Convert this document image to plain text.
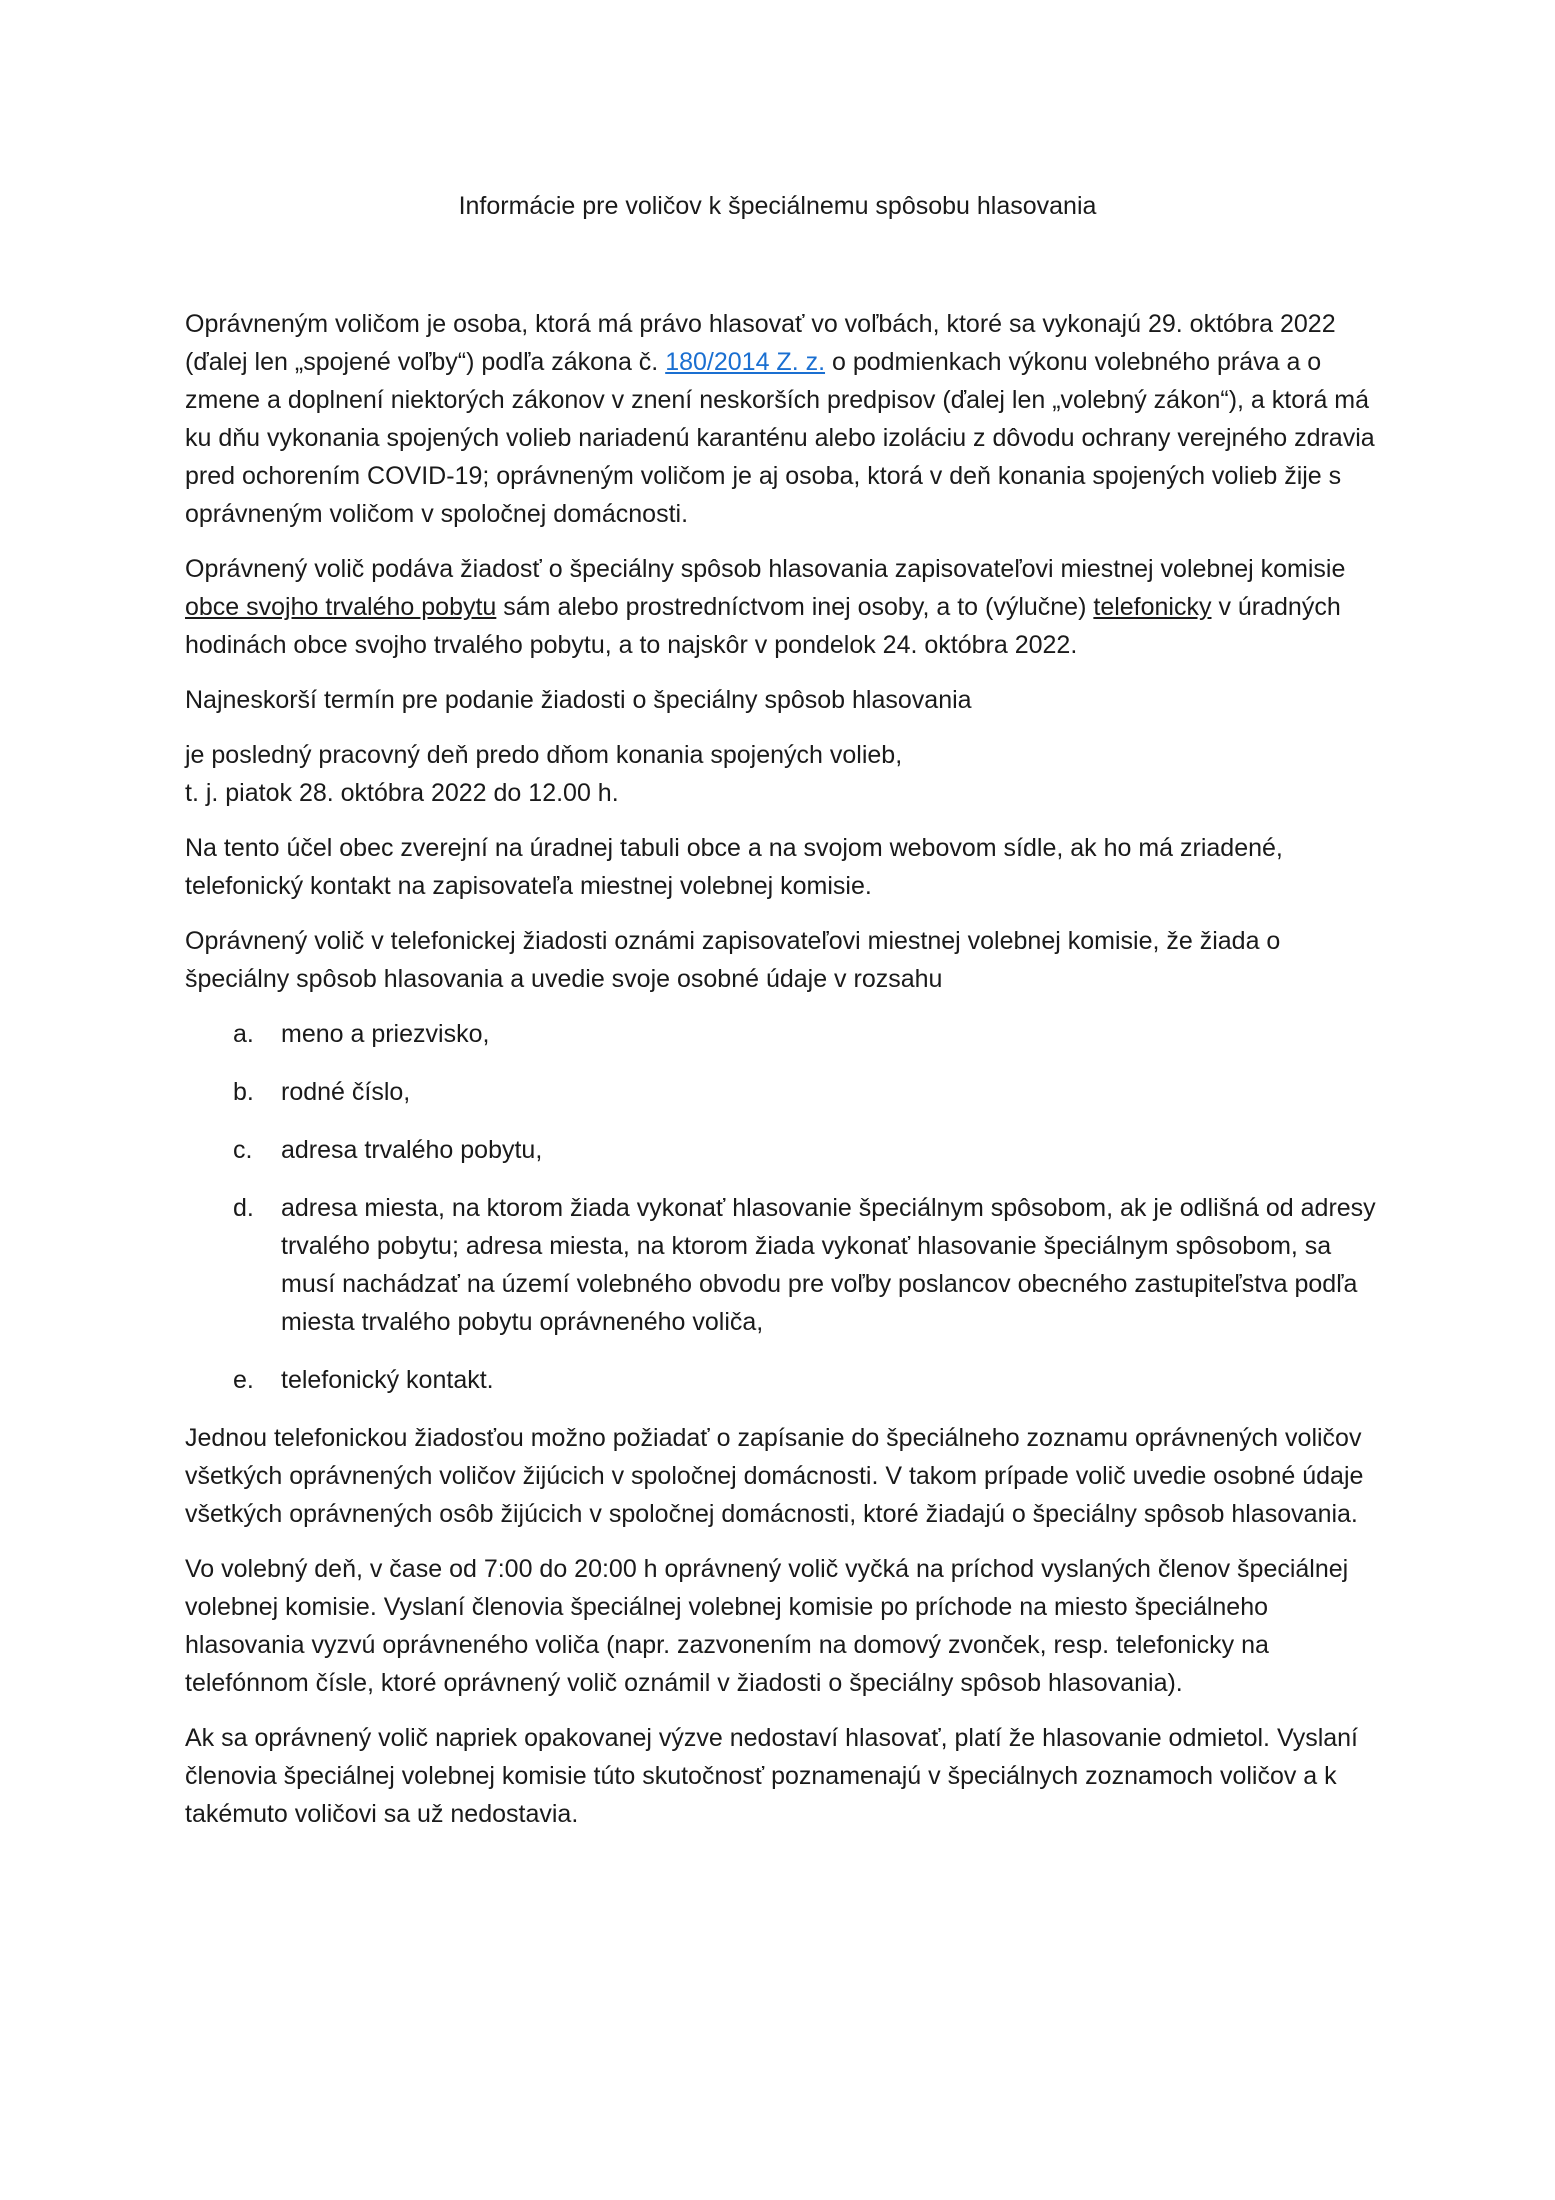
Informácie pre voličov k špeciálnemu spôsobu hlasovania

Oprávneným voličom je osoba, ktorá má právo hlasovať vo voľbách, ktoré sa vykonajú 29. októbra 2022 (ďalej len „spojené voľby“) podľa zákona č. 180/2014 Z. z. o podmienkach výkonu volebného práva a o zmene a doplnení niektorých zákonov v znení neskorších predpisov (ďalej len „volebný zákon“), a ktorá má ku dňu vykonania spojených volieb nariadenú karanténu alebo izoláciu z dôvodu ochrany verejného zdravia pred ochorením COVID-19; oprávneným voličom je aj osoba, ktorá v deň konania spojených volieb žije s oprávneným voličom v spoločnej domácnosti.

Oprávnený volič podáva žiadosť o špeciálny spôsob hlasovania zapisovateľovi miestnej volebnej komisie obce svojho trvalého pobytu sám alebo prostredníctvom inej osoby, a to (výlučne) telefonicky v úradných hodinách obce svojho trvalého pobytu, a to najskôr v pondelok 24. októbra 2022.

Najneskorší termín pre podanie žiadosti o špeciálny spôsob hlasovania

je posledný pracovný deň predo dňom konania spojených volieb,
t. j. piatok 28. októbra 2022 do 12.00 h.

Na tento účel obec zverejní na úradnej tabuli obce a na svojom webovom sídle, ak ho má zriadené, telefonický kontakt na zapisovateľa miestnej volebnej komisie.

Oprávnený volič v telefonickej žiadosti oznámi zapisovateľovi miestnej volebnej komisie, že žiada o špeciálny spôsob hlasovania a uvedie svoje osobné údaje v rozsahu

a. meno a priezvisko,
b. rodné číslo,
c. adresa trvalého pobytu,
d. adresa miesta, na ktorom žiada vykonať hlasovanie špeciálnym spôsobom, ak je odlišná od adresy trvalého pobytu; adresa miesta, na ktorom žiada vykonať hlasovanie špeciálnym spôsobom, sa musí nachádzať na území volebného obvodu pre voľby poslancov obecného zastupiteľstva podľa miesta trvalého pobytu oprávneného voliča,
e. telefonický kontakt.

Jednou telefonickou žiadosťou možno požiadať o zapísanie do špeciálneho zoznamu oprávnených voličov všetkých oprávnených voličov žijúcich v spoločnej domácnosti. V takom prípade volič uvedie osobné údaje všetkých oprávnených osôb žijúcich v spoločnej domácnosti, ktoré žiadajú o špeciálny spôsob hlasovania.

Vo volebný deň, v čase od 7:00 do 20:00 h oprávnený volič vyčká na príchod vyslaných členov špeciálnej volebnej komisie. Vyslaní členovia špeciálnej volebnej komisie po príchode na miesto špeciálneho hlasovania vyzvú oprávneného voliča (napr. zazvonením na domový zvonček, resp. telefonicky na telefónnom čísle, ktoré oprávnený volič oznámil v žiadosti o špeciálny spôsob hlasovania).

Ak sa oprávnený volič napriek opakovanej výzve nedostaví hlasovať, platí že hlasovanie odmietol. Vyslaní členovia špeciálnej volebnej komisie túto skutočnosť poznamenajú v špeciálnych zoznamoch voličov a k takémuto voličovi sa už nedostavia.
